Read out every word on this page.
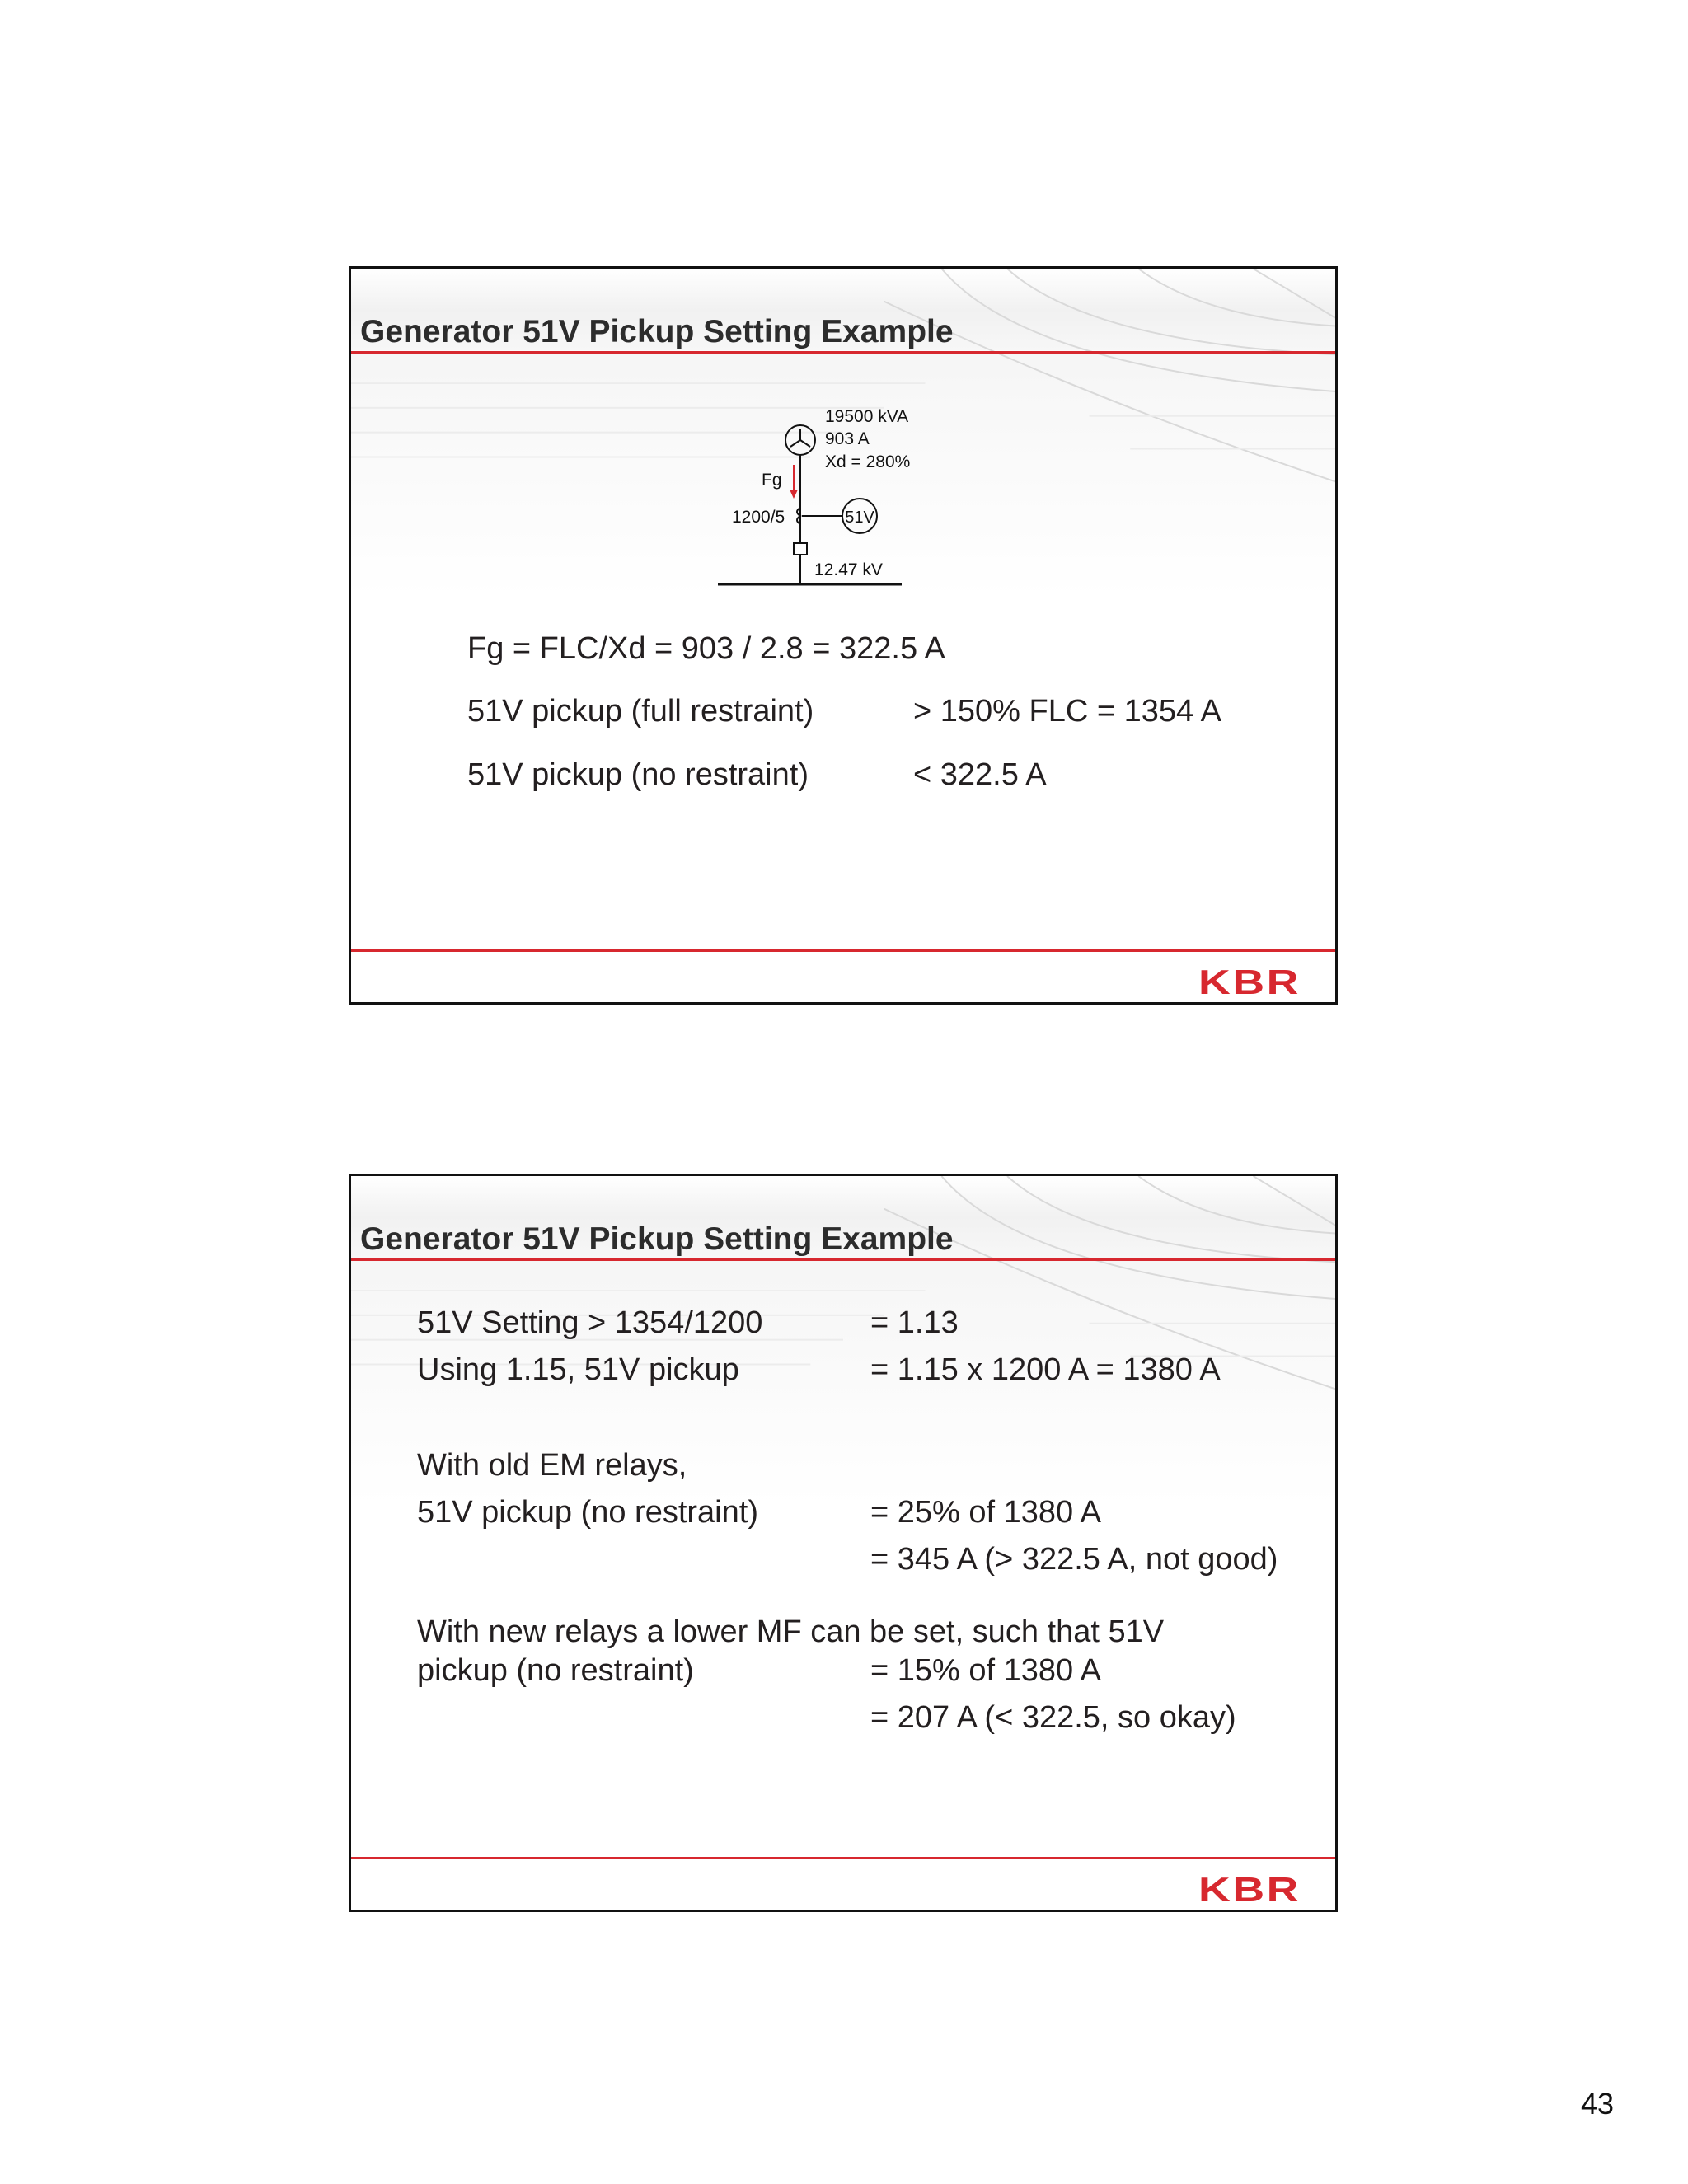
Generator 51V Pickup Setting Example
19500 kVA
903 A
Xd = 280%
Fg
1200/5	51V
12.47 kV
Fg = FLC/Xd = 903 / 2.8 = 322.5 A
51V pickup (full restraint)	> 150% FLC = 1354 A
51V pickup (no restraint)	< 322.5 A
KBR
Generator 51V Pickup Setting Example
51V Setting > 1354/1200	= 1.13
Using 1.15, 51V pickup	= 1.15 x 1200 A = 1380 A
With old EM relays,
51V pickup (no restraint)	= 25% of 1380 A
= 345 A (> 322.5 A, not good)
With new relays a lower MF can be set, such that 51V
pickup (no restraint)	= 15% of 1380 A
= 207 A (< 322.5, so okay)
KBR
43
